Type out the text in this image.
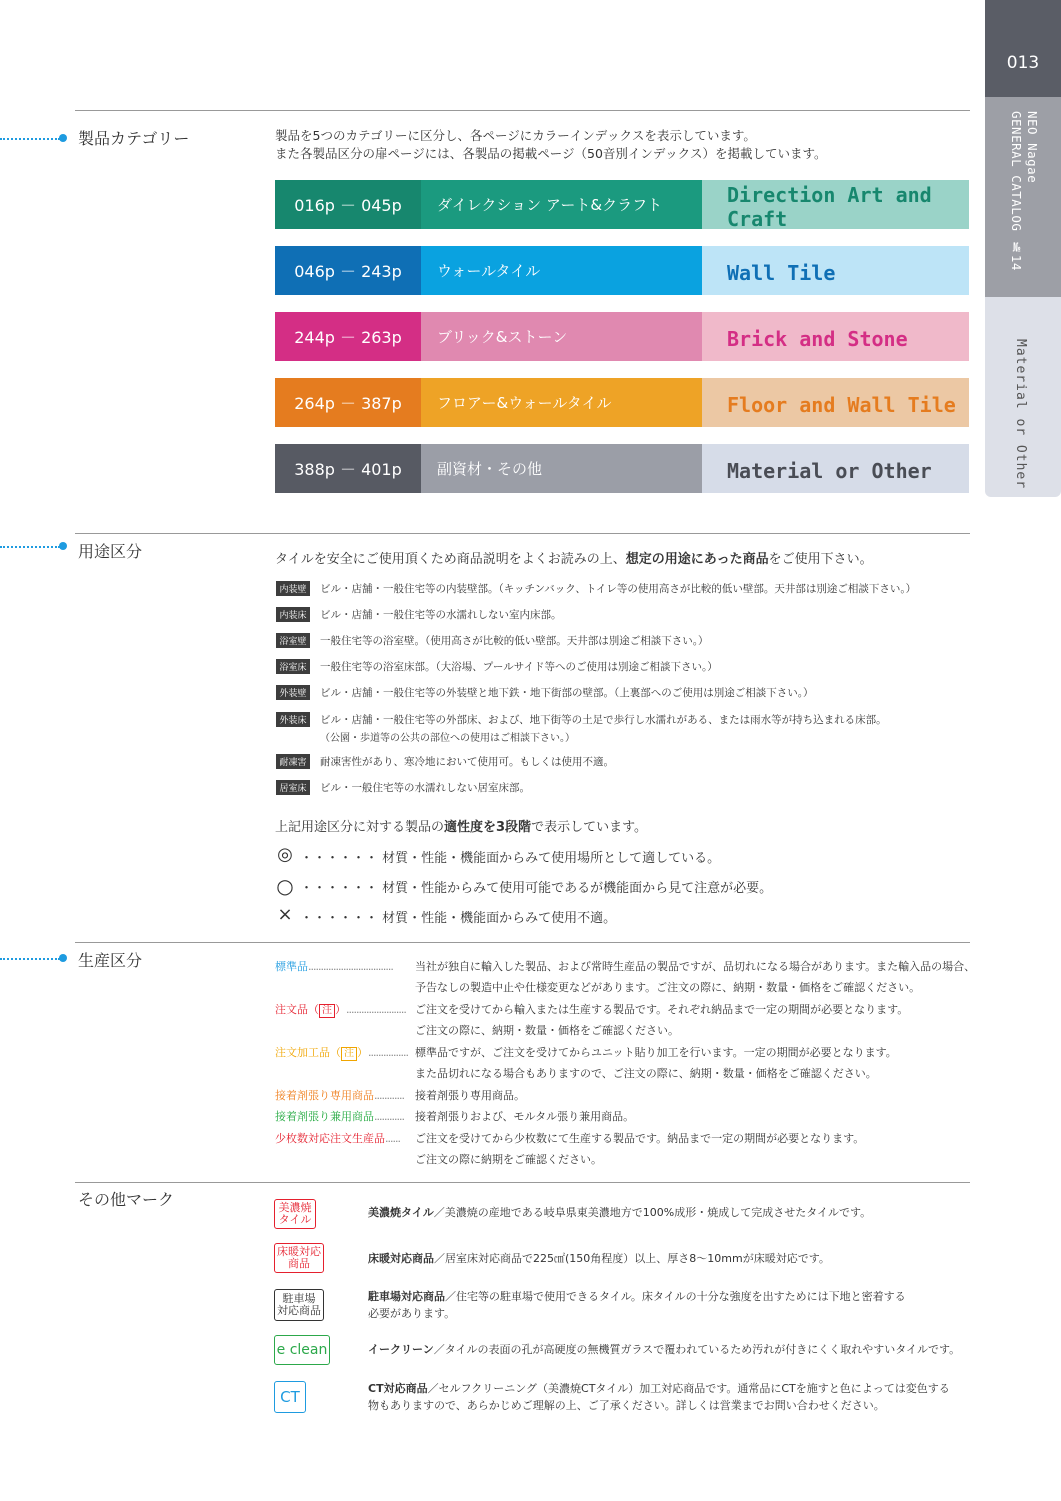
013
NEO Nagae
GENERAL CATALOG №14
Material or Other
製品カテゴリー	製品を5つのカテゴリーに区分し、各ページにカラーインデックスを表示しています。
また各製品区分の扉ページには、各製品の掲載ページ（50音別インデックス）を掲載しています。
016p － 045p	ダイレクション アート&クラフト	Direction Art and Craft
046p － 243p	ウォールタイル	Wall Tile
244p － 263p	ブリック&ストーン	Brick and Stone
264p － 387p	フロアー&ウォールタイル	Floor and Wall Tile
388p － 401p	副資材・その他	Material or Other
用途区分	タイルを安全にご使用頂くため商品説明をよくお読みの上、想定の用途にあった商品をご使用下さい。
内装壁	ビル・店舗・一般住宅等の内装壁部。（キッチンバック、トイレ等の使用高さが比較的低い壁部。天井部は別途ご相談下さい。）
内装床	ビル・店舗・一般住宅等の水濡れしない室内床部。
浴室壁	一般住宅等の浴室壁。（使用高さが比較的低い壁部。天井部は別途ご相談下さい。）
浴室床	一般住宅等の浴室床部。（大浴場、プールサイド等へのご使用は別途ご相談下さい。）
外装壁	ビル・店舗・一般住宅等の外装壁と地下鉄・地下街部の壁部。（上裏部へのご使用は別途ご相談下さい。）
外装床	ビル・店舗・一般住宅等の外部床、および、地下街等の土足で歩行し水濡れがある、または雨水等が持ち込まれる床部。
（公園・歩道等の公共の部位への使用はご相談下さい。）
耐凍害	耐凍害性があり、寒冷地において使用可。もしくは使用不適。
居室床	ビル・一般住宅等の水濡れしない居室床部。
上記用途区分に対する製品の適性度を3段階で表示しています。
◎ ・・・・・・ 材質・性能・機能面からみて使用場所として適している。
○ ・・・・・・ 材質・性能からみて使用可能であるが機能面から見て注意が必要。
× ・・・・・・ 材質・性能・機能面からみて使用不適。
生産区分	標準品.................................. 当社が独自に輸入した製品、および常時生産品の製品ですが、品切れになる場合があります。また輸入品の場合、
予告なしの製造中止や仕様変更などがあります。ご注文の際に、納期・数量・価格をご確認ください。
注文品（ 注 ）........................ ご注文を受けてから輸入または生産する製品です。それぞれ納品まで一定の期間が必要となります。
ご注文の際に、納期・数量・価格をご確認ください。
注文加工品（ 注 ）................ 標準品ですが、ご注文を受けてからユニット貼り加工を行います。一定の期間が必要となります。
また品切れになる場合もありますので、ご注文の際に、納期・数量・価格をご確認ください。
接着剤張り専用商品............ 接着剤張り専用商品。
接着剤張り兼用商品............ 接着剤張りおよび、モルタル張り兼用商品。
少枚数対応注文生産品...... ご注文を受けてから少枚数にて生産する製品です。納品まで一定の期間が必要となります。
ご注文の際に納期をご確認ください。
その他マーク	美濃焼
タイル
美濃焼タイル／美濃焼の産地である岐阜県東美濃地方で100%成形・焼成して完成させたタイルです。
床暖対応
商品	床暖対応商品／居室床対応商品で225㎠(150角程度）以上、厚さ8〜10mmが床暖対応です。
駐車場
対応商品
駐車場対応商品／住宅等の駐車場で使用できるタイル。床タイルの十分な強度を出すためには下地と密着する
必要があります。
e clean	イークリーン／タイルの表面の孔が高硬度の無機質ガラスで覆われているため汚れが付きにくく取れやすいタイルです。
CT	CT対応商品／セルフクリーニング（美濃焼CTタイル）加工対応商品です。通常品にCTを施すと色によっては変色する
物もありますので、あらかじめご理解の上、ご了承ください。詳しくは営業までお問い合わせください。
